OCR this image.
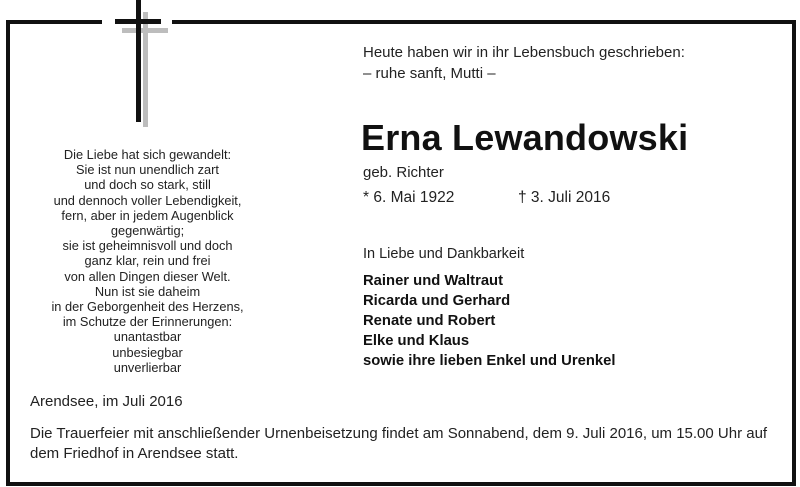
Die Liebe hat sich gewandelt:
Sie ist nun unendlich zart
und doch so stark, still
und dennoch voller Lebendigkeit,
fern, aber in jedem Augenblick
gegenwärtig;
sie ist geheimnisvoll und doch
ganz klar, rein und frei
von allen Dingen dieser Welt.
Nun ist sie daheim
in der Geborgenheit des Herzens,
im Schutze der Erinnerungen:
unantastbar
unbesiegbar
unverlierbar
Heute haben wir in ihr Lebensbuch geschrieben:
– ruhe sanft, Mutti –
Erna Lewandowski
geb. Richter
* 6. Mai 1922	† 3. Juli 2016
In Liebe und Dankbarkeit
Rainer und Waltraut
Ricarda und Gerhard
Renate und Robert
Elke und Klaus
sowie ihre lieben Enkel und Urenkel
Arendsee, im Juli 2016
Die Trauerfeier mit anschließender Urnenbeisetzung findet am Sonnabend, dem 9. Juli 2016, um 15.00 Uhr auf dem Friedhof in Arendsee statt.
